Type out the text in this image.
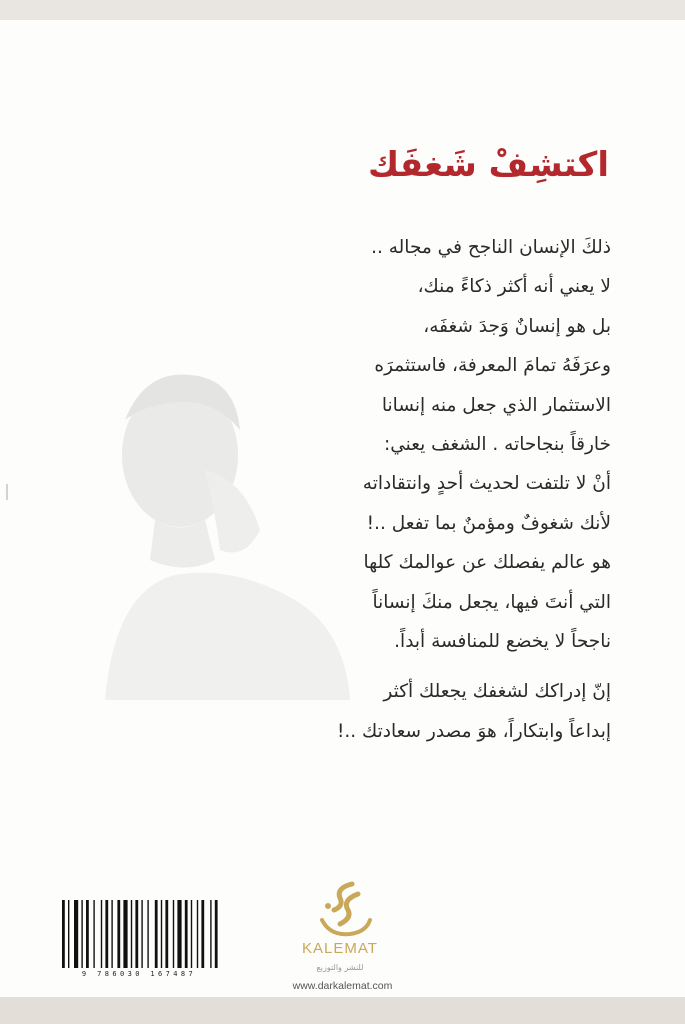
اكتشِفْ شَغفَك
ذلكَ الإنسان الناجح في مجاله ..
لا يعني أنه أكثر ذكاءً منك،
بل هو إنسانٌ وَجدَ شغفَه،
وعرَفَهُ تمامَ المعرفة، فاستثمرَه
الاستثمار الذي جعل منه إنسانا
خارقاً بنجاحاته . الشغف يعني:
أنْ لا تلتفت لحديث أحدٍ وانتقاداته
لأنك شغوفٌ ومؤمنٌ بما تفعل ..!
هو عالم يفصلك عن عوالمك كلها
التي أنتَ فيها، يجعل منكَ إنساناً
ناجحاً لا يخضع للمنافسة أبداً.
إنّ إدراكك لشغفك يجعلك أكثر
إبداعاً وابتكاراً، هوَ مصدر سعادتك ..!
9 786030 167487
KALEMAT
للنشر والتوزيع
www.darkalemat.com
